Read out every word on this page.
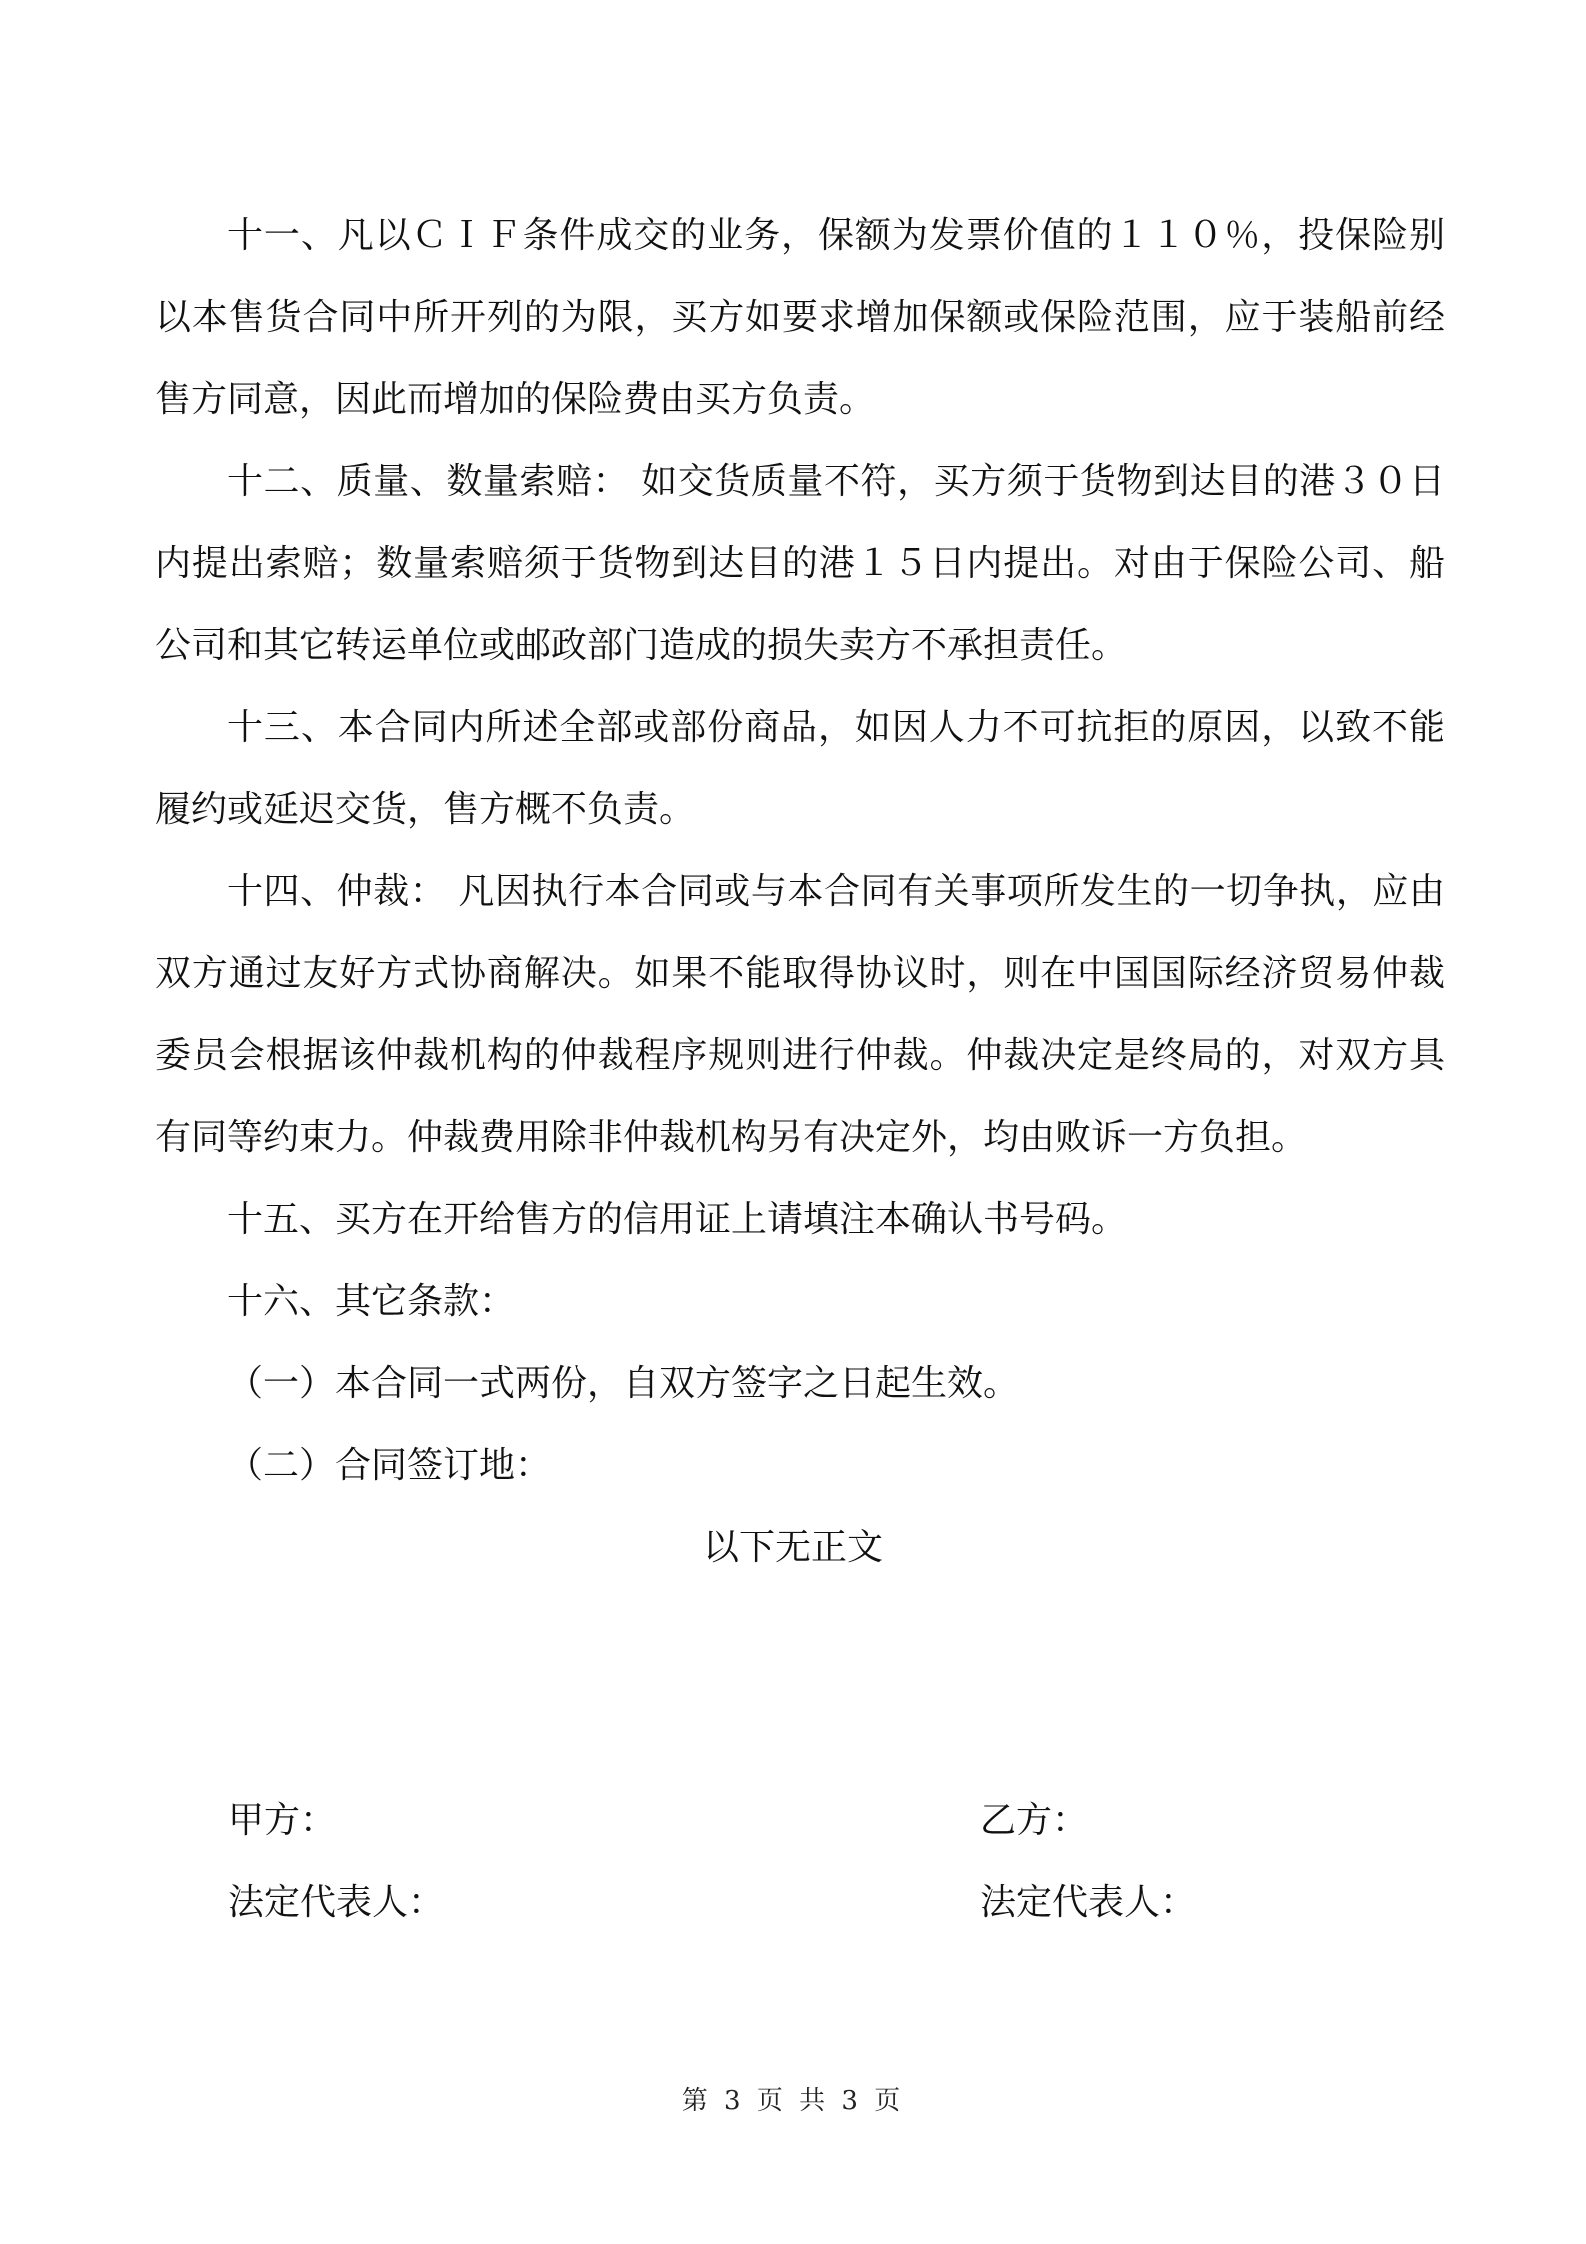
十一、凡以ＣＩＦ条件成交的业务，保额为发票价值的１１０％，投保险别以本售货合同中所开列的为限，买方如要求增加保额或保险范围，应于装船前经售方同意，因此而增加的保险费由买方负责。

十二、质量、数量索赔： 如交货质量不符，买方须于货物到达目的港３０日内提出索赔；数量索赔须于货物到达目的港１５日内提出。对由于保险公司、船公司和其它转运单位或邮政部门造成的损失卖方不承担责任。

十三、本合同内所述全部或部份商品，如因人力不可抗拒的原因，以致不能履约或延迟交货，售方概不负责。

十四、仲裁： 凡因执行本合同或与本合同有关事项所发生的一切争执，应由双方通过友好方式协商解决。如果不能取得协议时，则在中国国际经济贸易仲裁委员会根据该仲裁机构的仲裁程序规则进行仲裁。仲裁决定是终局的，对双方具有同等约束力。仲裁费用除非仲裁机构另有决定外，均由败诉一方负担。

十五、买方在开给售方的信用证上请填注本确认书号码。

十六、其它条款：

（一）本合同一式两份，自双方签字之日起生效。

（二）合同签订地：

以下无正文

甲方：	乙方：
法定代表人：	法定代表人：
第 3 页 共 3 页
